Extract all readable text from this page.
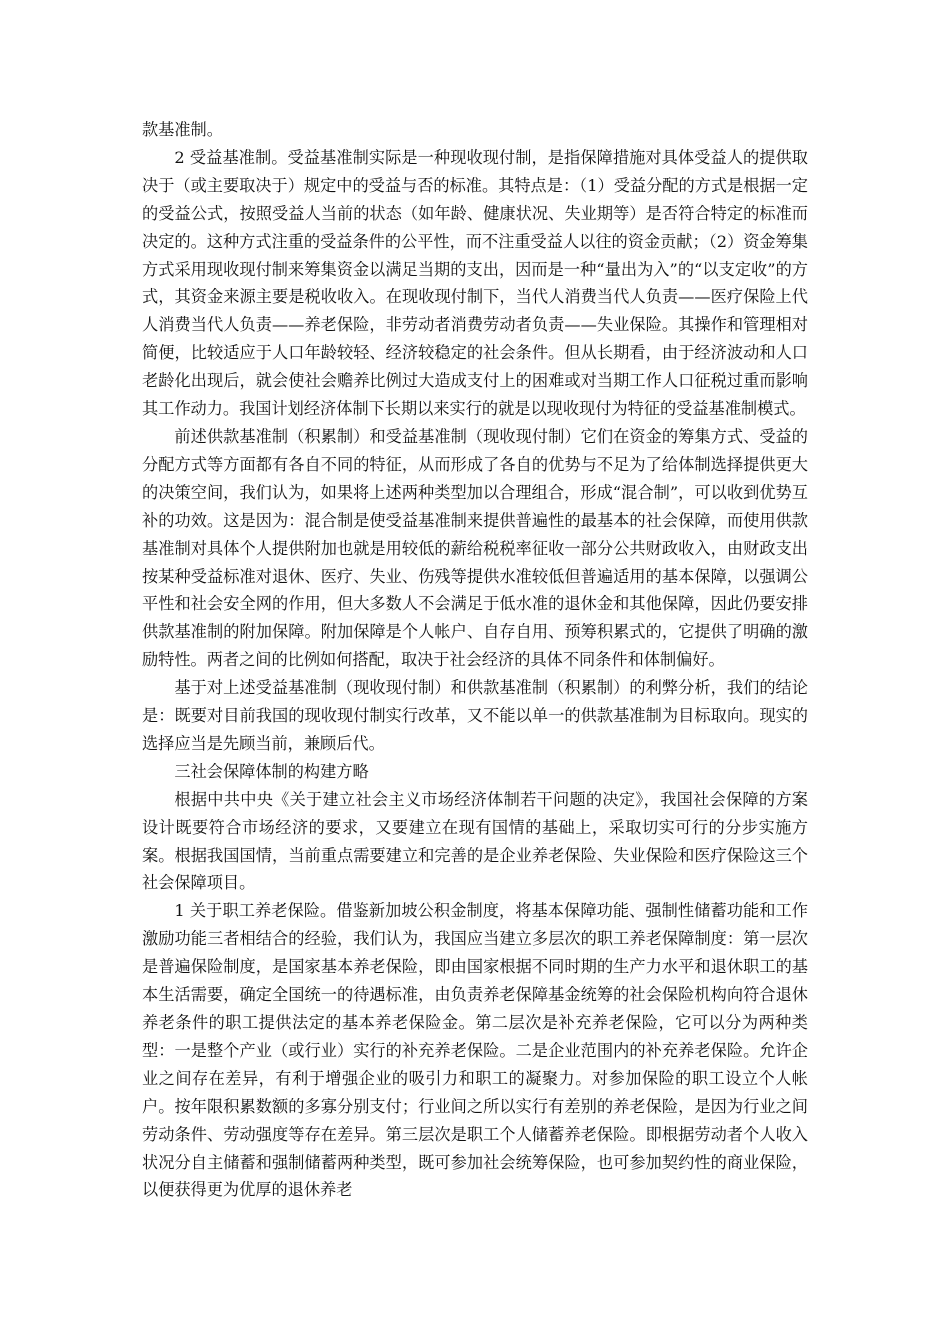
款基准制。

2 受益基准制。受益基准制实际是一种现收现付制，是指保障措施对具体受益人的提供取决于（或主要取决于）规定中的受益与否的标准。其特点是：（1）受益分配的方式是根据一定的受益公式，按照受益人当前的状态（如年龄、健康状况、失业期等）是否符合特定的标准而决定的。这种方式注重的受益条件的公平性，而不注重受益人以往的资金贡献；（2）资金筹集方式采用现收现付制来筹集资金以满足当期的支出，因而是一种“量出为入”的“以支定收”的方式，其资金来源主要是税收收入。在现收现付制下，当代人消费当代人负责——医疗保险上代人消费当代人负责——养老保险，非劳动者消费劳动者负责——失业保险。其操作和管理相对简便，比较适应于人口年龄较轻、经济较稳定的社会条件。但从长期看，由于经济波动和人口老龄化出现后，就会使社会赡养比例过大造成支付上的困难或对当期工作人口征税过重而影响其工作动力。我国计划经济体制下长期以来实行的就是以现收现付为特征的受益基准制模式。

前述供款基准制（积累制）和受益基准制（现收现付制）它们在资金的筹集方式、受益的分配方式等方面都有各自不同的特征，从而形成了各自的优势与不足为了给体制选择提供更大的决策空间，我们认为，如果将上述两种类型加以合理组合，形成“混合制”，可以收到优势互补的功效。这是因为：混合制是使受益基准制来提供普遍性的最基本的社会保障，而使用供款基准制对具体个人提供附加也就是用较低的薪给税税率征收一部分公共财政收入，由财政支出按某种受益标准对退休、医疗、失业、伤残等提供水准较低但普遍适用的基本保障，以强调公平性和社会安全网的作用，但大多数人不会满足于低水准的退休金和其他保障，因此仍要安排供款基准制的附加保障。附加保障是个人帐户、自存自用、预筹积累式的，它提供了明确的激励特性。两者之间的比例如何搭配，取决于社会经济的具体不同条件和体制偏好。

基于对上述受益基准制（现收现付制）和供款基准制（积累制）的利弊分析，我们的结论是：既要对目前我国的现收现付制实行改革，又不能以单一的供款基准制为目标取向。现实的选择应当是先顾当前，兼顾后代。

三社会保障体制的构建方略

根据中共中央《关于建立社会主义市场经济体制若干问题的决定》，我国社会保障的方案设计既要符合市场经济的要求，又要建立在现有国情的基础上，采取切实可行的分步实施方案。根据我国国情，当前重点需要建立和完善的是企业养老保险、失业保险和医疗保险这三个社会保障项目。

1 关于职工养老保险。借鉴新加坡公积金制度，将基本保障功能、强制性储蓄功能和工作激励功能三者相结合的经验，我们认为，我国应当建立多层次的职工养老保障制度：第一层次是普遍保险制度，是国家基本养老保险，即由国家根据不同时期的生产力水平和退休职工的基本生活需要，确定全国统一的待遇标准，由负责养老保障基金统筹的社会保险机构向符合退休养老条件的职工提供法定的基本养老保险金。第二层次是补充养老保险，它可以分为两种类型：一是整个产业（或行业）实行的补充养老保险。二是企业范围内的补充养老保险。允许企业之间存在差异，有利于增强企业的吸引力和职工的凝聚力。对参加保险的职工设立个人帐户。按年限积累数额的多寡分别支付；行业间之所以实行有差别的养老保险，是因为行业之间劳动条件、劳动强度等存在差异。第三层次是职工个人储蓄养老保险。即根据劳动者个人收入状况分自主储蓄和强制储蓄两种类型，既可参加社会统筹保险，也可参加契约性的商业保险，以便获得更为优厚的退休养老
